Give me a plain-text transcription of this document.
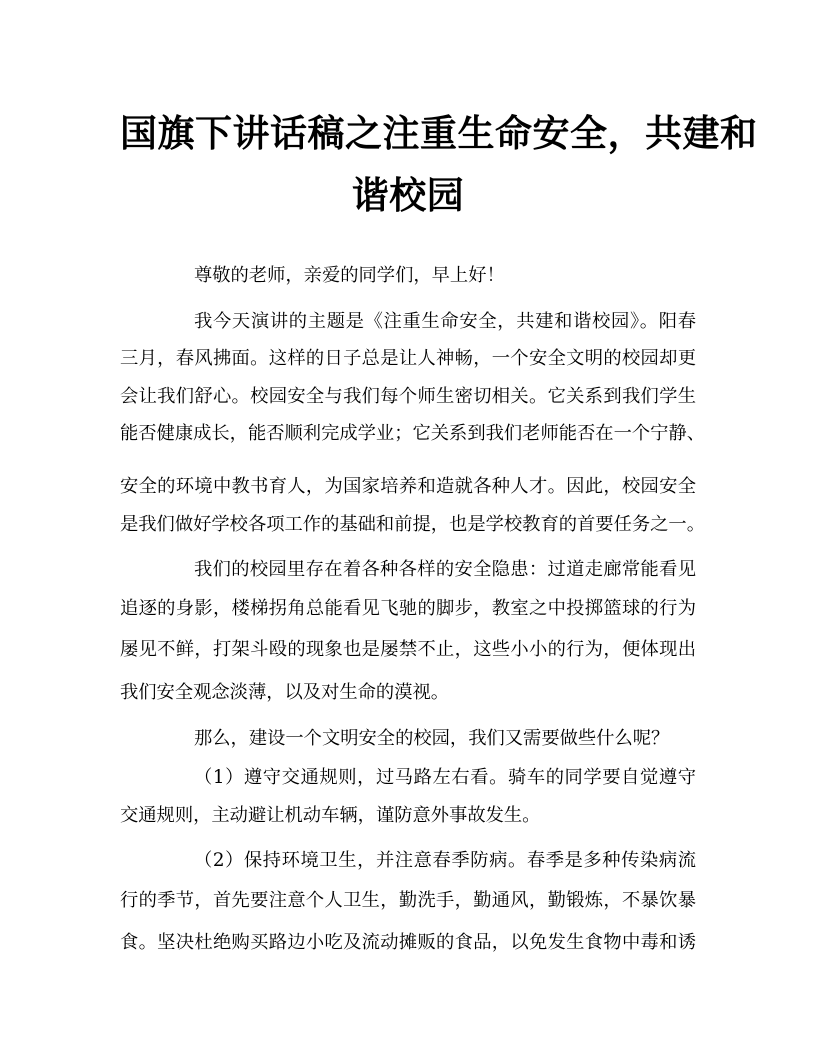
国旗下讲话稿之注重生命安全，共建和
谐校园
尊敬的老师，亲爱的同学们，早上好！
我今天演讲的主题是《注重生命安全，共建和谐校园》。阳春
三月，春风拂面。这样的日子总是让人神畅，一个安全文明的校园却更
会让我们舒心。校园安全与我们每个师生密切相关。它关系到我们学生
能否健康成长，能否顺利完成学业；它关系到我们老师能否在一个宁静、
安全的环境中教书育人，为国家培养和造就各种人才。因此，校园安全
是我们做好学校各项工作的基础和前提，也是学校教育的首要任务之一。
我们的校园里存在着各种各样的安全隐患：过道走廊常能看见
追逐的身影，楼梯拐角总能看见飞驰的脚步，教室之中投掷篮球的行为
屡见不鲜，打架斗殴的现象也是屡禁不止，这些小小的行为，便体现出
我们安全观念淡薄，以及对生命的漠视。
那么，建设一个文明安全的校园，我们又需要做些什么呢？
（1）遵守交通规则，过马路左右看。骑车的同学要自觉遵守
交通规则，主动避让机动车辆，谨防意外事故发生。
（2）保持环境卫生，并注意春季防病。春季是多种传染病流
行的季节，首先要注意个人卫生，勤洗手，勤通风，勤锻炼，不暴饮暴
食。坚决杜绝购买路边小吃及流动摊贩的食品，以免发生食物中毒和诱
